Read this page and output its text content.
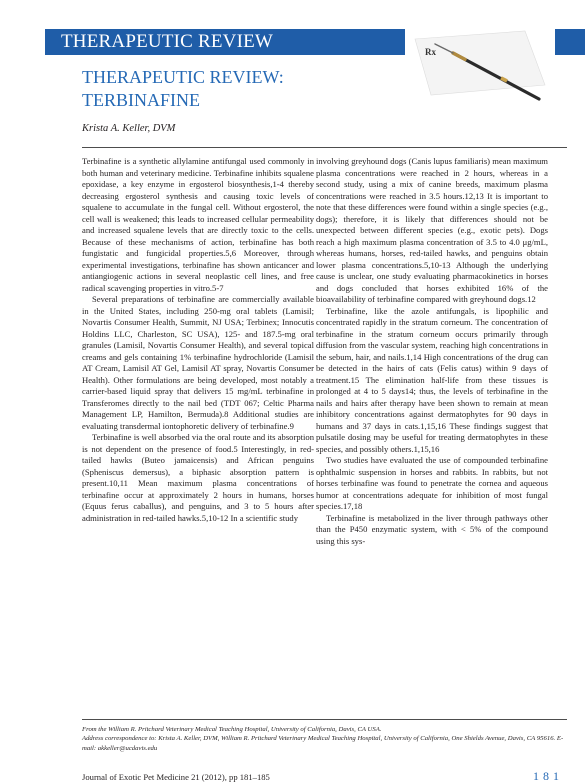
THERAPEUTIC REVIEW	Rx
THERAPEUTIC REVIEW:
TERBINAFINE
Krista A. Keller, DVM

Terbinafine is a synthetic allylamine antifungal used commonly in both human and veterinary medicine. Terbinafine inhibits squalene epoxidase, a key enzyme in ergosterol biosynthesis,1-4 thereby decreasing ergosterol synthesis and causing toxic levels of squalene to accumulate in the fungal cell. Without ergosterol, the cell wall is weakened; this leads to increased cellular permeability and increased squalene levels that are directly toxic to the cells. Because of these mechanisms of action, terbinafine has both fungistatic and fungicidal properties.5,6 Moreover, through experimental investigations, terbinafine has shown anticancer and antiangiogenic actions in several neoplastic cell lines, and free radical scavenging properties in vitro.5-7

Several preparations of terbinafine are commercially available in the United States, including 250-mg oral tablets (Lamisil; Novartis Consumer Health, Summit, NJ USA; Terbinex; Innocutis Holdins LLC, Charleston, SC USA), 125- and 187.5-mg oral granules (Lamisil, Novartis Consumer Health), and several topical creams and gels containing 1% terbinafine hydrochloride (Lamisil AT Cream, Lamisil AT Gel, Lamisil AT spray, Novartis Consumer Health). Other formulations are being developed, most notably a carrier-based liquid spray that delivers 15 mg/mL terbinafine in Transferomes directly to the nail bed (TDT 067; Celtic Pharma Management LP, Hamilton, Bermuda).8 Additional studies are evaluating transdermal iontophoretic delivery of terbinafine.9

Terbinafine is well absorbed via the oral route and its absorption is not dependent on the presence of food.5 Interestingly, in red-tailed hawks (Buteo jamaicensis) and African penguins (Spheniscus demersus), a biphasic absorption pattern is present.10,11 Mean maximum plasma concentrations of terbinafine occur at approximately 2 hours in humans, horses (Equus ferus caballus), and penguins, and 3 to 5 hours after administration in red-tailed hawks.5,10-12 In a scientific study

involving greyhound dogs (Canis lupus familiaris) mean maximum plasma concentrations were reached in 2 hours, whereas in a second study, using a mix of canine breeds, maximum plasma concentrations were reached in 3.5 hours.12,13 It is important to note that these differences were found within a single species (e.g., dogs); therefore, it is likely that differences should not be unexpected between different species (e.g., exotic pets). Dogs reach a high maximum plasma concentration of 3.5 to 4.0 μg/mL, whereas humans, horses, red-tailed hawks, and penguins obtain lower plasma concentrations.5,10-13 Although the underlying cause is unclear, one study evaluating pharmacokinetics in horses and dogs concluded that horses exhibited 16% of the bioavailability of terbinafine compared with greyhound dogs.12

Terbinafine, like the azole antifungals, is lipophilic and concentrated rapidly in the stratum corneum. The concentration of terbinafine in the stratum corneum occurs primarily through diffusion from the vascular system, reaching high concentrations in the sebum, hair, and nails.1,14 High concentrations of the drug can be detected in the hairs of cats (Felis catus) within 9 days of treatment.15 The elimination half-life from these tissues is prolonged at 4 to 5 days14; thus, the levels of terbinafine in the nails and hairs after therapy have been shown to remain at mean inhibitory concentrations against dermatophytes for 90 days in humans and 37 days in cats.1,15,16 These findings suggest that pulsatile dosing may be useful for treating dermatophytes in these species, and possibly others.1,15,16

Two studies have evaluated the use of compounded terbinafine ophthalmic suspension in horses and rabbits. In rabbits, but not horses terbinafine was found to penetrate the cornea and aqueous humor at concentrations adequate for inhibition of most fungal species.17,18

Terbinafine is metabolized in the liver through pathways other than the P450 enzymatic system, with < 5% of the compound using this sys-

From the William R. Pritchard Veterinary Medical Teaching Hospital, University of California, Davis, CA USA.

Address correspondence to: Krista A. Keller, DVM, William R. Pritchard Veterinary Medical Teaching Hospital, University of California, One Shields Avenue, Davis, CA 95616. E-mail: akkeller@ucdavis.edu

Journal of Exotic Pet Medicine 21 (2012), pp 181–185	181
